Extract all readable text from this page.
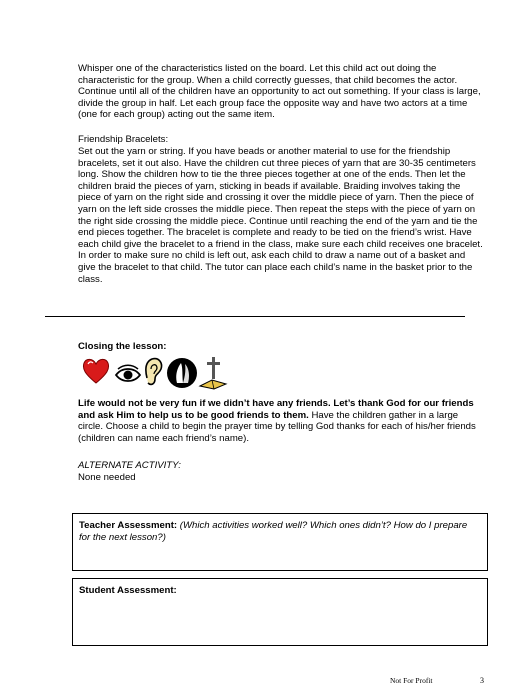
Whisper one of the characteristics listed on the board. Let this child act out doing the characteristic for the group. When a child correctly guesses, that child becomes the actor. Continue until all of the children have an opportunity to act out something. If your class is large, divide the group in half. Let each group face the opposite way and have two actors at a time (one for each group) acting out the same item.

Friendship Bracelets:

Set out the yarn or string. If you have beads or another material to use for the friendship bracelets, set it out also. Have the children cut three pieces of yarn that are 30-35 centimeters long. Show the children how to tie the three pieces together at one of the ends. Then let the children braid the pieces of yarn, sticking in beads if available. Braiding involves taking the piece of yarn on the right side and crossing it over the middle piece of yarn. Then the piece of yarn on the left side crosses the middle piece. Then repeat the steps with the piece of yarn on the right side crossing the middle piece. Continue until reaching the end of the yarn and tie the end pieces together. The bracelet is complete and ready to be tied on the friend’s wrist. Have each child give the bracelet to a friend in the class, make sure each child receives one bracelet. In order to make sure no child is left out, ask each child to draw a name out of a basket and give the bracelet to that child. The tutor can place each child’s name in the basket prior to the class.

Closing the lesson:

Life would not be very fun if we didn’t have any friends. Let’s thank God for our friends and ask Him to help us to be good friends to them. Have the children gather in a large circle. Choose a child to begin the prayer time by telling God thanks for each of his/her friends (children can name each friend’s name).

ALTERNATE ACTIVITY:

None needed

Teacher Assessment: (Which activities worked well? Which ones didn’t? How do I prepare for the next lesson?)
Student Assessment:
Not For Profit	3
